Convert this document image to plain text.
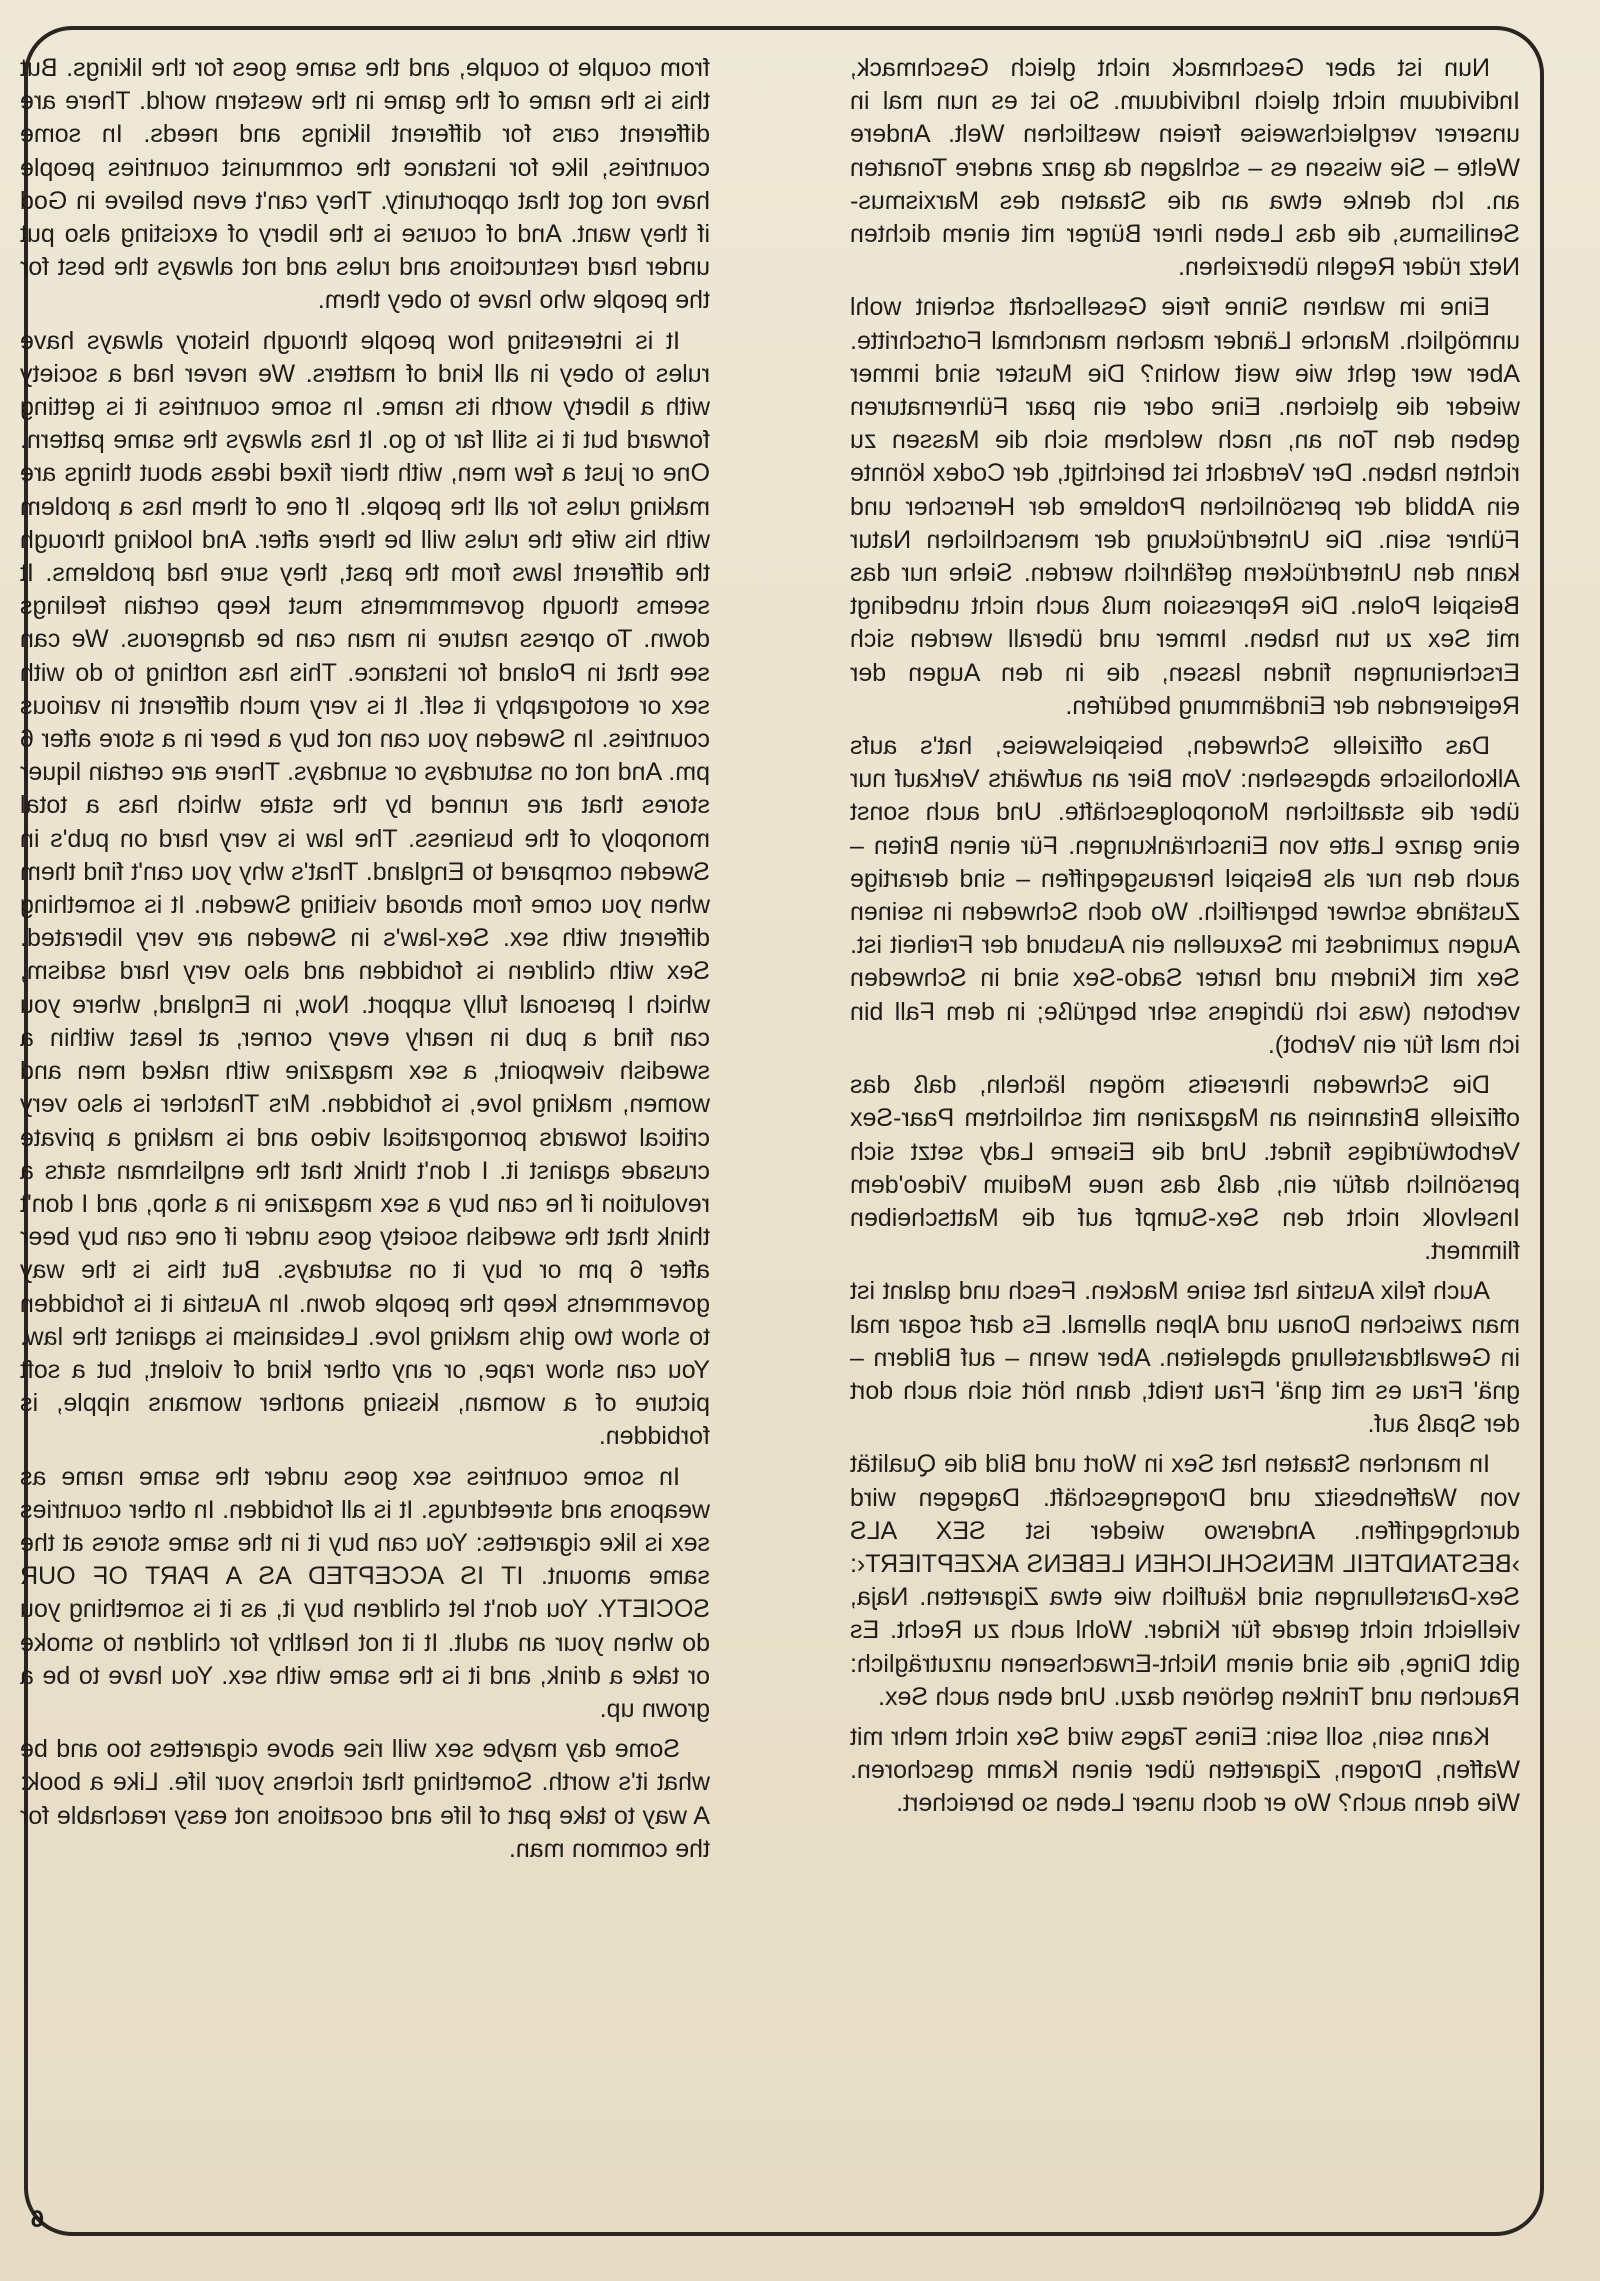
from couple to couple, and the same goes for the likings. But this is the name of the game in the western world. There are different cars for different likings and needs. In some countries, like for instance the communist countries people have not got that opportunity. They can't even believe in God if they want. And of course is the libery of excisting also put under hard restructions and rules and not always the best for the people who have to obey them.

It is interesting how people through history always have rules to obey in all kind of matters. We never had a society with a liberty worth its name. In some countries it is getting forward but it is still far to go. It has always the same pattern. One or just a few men, with their fixed ideas about things are making rules for all the people. If one of them has a problem with his wife the rules will be there after. And looking through the different laws from the past, they sure had problems. It seems though govemmments must keep certain feelings down. To opress nature in man can be dangerous. We can see that in Poland for instance. This has nothing to do with sex or erotography it self. It is very much different in various countries. In Sweden you can not buy a beer in a store after 6 pm. And not on saturdays or sundays. There are certain liquer stores that are runned by the state which has a total monopoly of the business. The law is very hard on pub's in Sweden compared to England. That's why you can't find them when you come from abroad visiting Sweden. It is something different with sex. Sex-law's in Sweden are very liberated. Sex with children is forbidden and also very hard sadism, which I personal fully support. Now, in England, where you can find a pub in nearly every corner, at least within a swedish viewpoint, a sex magazine with naked men and women, making love, is forbidden. Mrs Thatcher is also very critical towards pornogratical video and is making a private crusade against it. I don't think that the englishman starts a revolution if he can buy a sex magazine in a shop, and I don't think that the swedish society goes under if one can buy beer after 6 pm or buy it on saturdays. But this is the way govemments keep the people down. In Austria it is forbidden to show two girls making love. Lesbianism is against the law. You can show rape, or any other kind of violent, but a soft picture of a woman, kissing another womans nipple, is forbidden.

In some countries sex goes under the same name as weapons and streetdrugs. It is all forbidden. In other countries sex is like cigarettes: You can buy it in the same stores at the same amount. IT IS ACCEPTED AS A PART OF OUR SOCIETY. You don't let children buy it, as it is something you do when your an adult. It it not healthy for children to smoke or take a drink, and it is the same with sex. You have to be a grown up.

Some day maybe sex will rise above cigarettes too and be what it's worth. Something that richens your life. Like a book: A way to take part of life and occations not easy reachable for the common man.

Nun ist aber Geschmack nicht gleich Geschmack, Individuum nicht gleich Individuum. So ist es nun mal in unserer vergleichsweise freien westlichen Welt. Andere Welte – Sie wissen es – schlagen da ganz andere Tonarten an. Ich denke etwa an die Staaten des Marxismus-Senilismus, die das Leben ihrer Bürger mit einem dichten Netz rüder Regeln überziehen.

Eine im wahren Sinne freie Gesellschaft scheint wohl unmöglich. Manche Länder machen manchmal Fortschritte. Aber wer geht wie weit wohin? Die Muster sind immer wieder die gleichen. Eine oder ein paar Führernaturen geben den Ton an, nach welchem sich die Massen zu richten haben. Der Verdacht ist berichtigt, der Codex könnte ein Abbild der persönlichen Probleme der Herrscher und Führer sein. Die Unterdrückung der menschlichen Natur kann den Unterdrückern gefährlich werden. Siehe nur das Beispiel Polen. Die Repression muß auch nicht unbedingt mit Sex zu tun haben. Immer und überall werden sich Erscheinungen finden lassen, die in den Augen der Regierenden der Eindämmung bedürfen.

Das offizielle Schweden, beispielsweise, hat's aufs Alkoholische abgesehen: Vom Bier an aufwärts Verkauf nur über die staatlichen Monopolgeschäfte. Und auch sonst eine ganze Latte von Einschränkungen. Für einen Briten – auch den nur als Beispiel herausgegriffen – sind derartige Zustände schwer begreiflich. Wo doch Schweden in seinen Augen zumindest im Sexuellen ein Ausbund der Freiheit ist. Sex mit Kindern und harter Sado-Sex sind in Schweden verboten (was ich übrigens sehr begrüße; in dem Fall bin ich mal für ein Verbot).

Die Schweden ihrerseits mögen lächeln, daß das offizielle Britannien an Magazinen mit schlichtem Paar-Sex Verbotwürdiges findet. Und die Eiserne Lady setzt sich persönlich dafür ein, daß das neue Medium Video'dem Inselvolk nicht den Sex-Sumpf auf die Mattscheiben flimmert.

Auch felix Austria hat seine Macken. Fesch und galant ist man zwischen Donau und Alpen allemal. Es darf sogar mal in Gewaltdarstellung abgeleiten. Aber wenn – auf Bildern – gnä' Frau es mit gnä' Frau treibt, dann hört sich auch dort der Spaß auf.

In manchen Staaten hat Sex in Wort und Bild die Qualität von Waffenbesitz und Drogengeschäft. Dagegen wird durchgegriffen. Anderswo wieder ist SEX ALS ›BESTANDTEIL MENSCHLICHEN LEBENS AKZEPTIERT‹: Sex-Darstellungen sind käuflich wie etwa Zigaretten. Naja, vielleicht nicht gerade für Kinder. Wohl auch zu Recht. Es gibt Dinge, die sind einem Nicht-Erwachsenen unzuträglich: Rauchen und Trinken gehören dazu. Und eben auch Sex.

Kann sein, soll sein: Eines Tages wird Sex nicht mehr mit Waffen, Drogen, Zigaretten über einen Kamm geschoren. Wie denn auch? Wo er doch unser Leben so bereichert.

6
